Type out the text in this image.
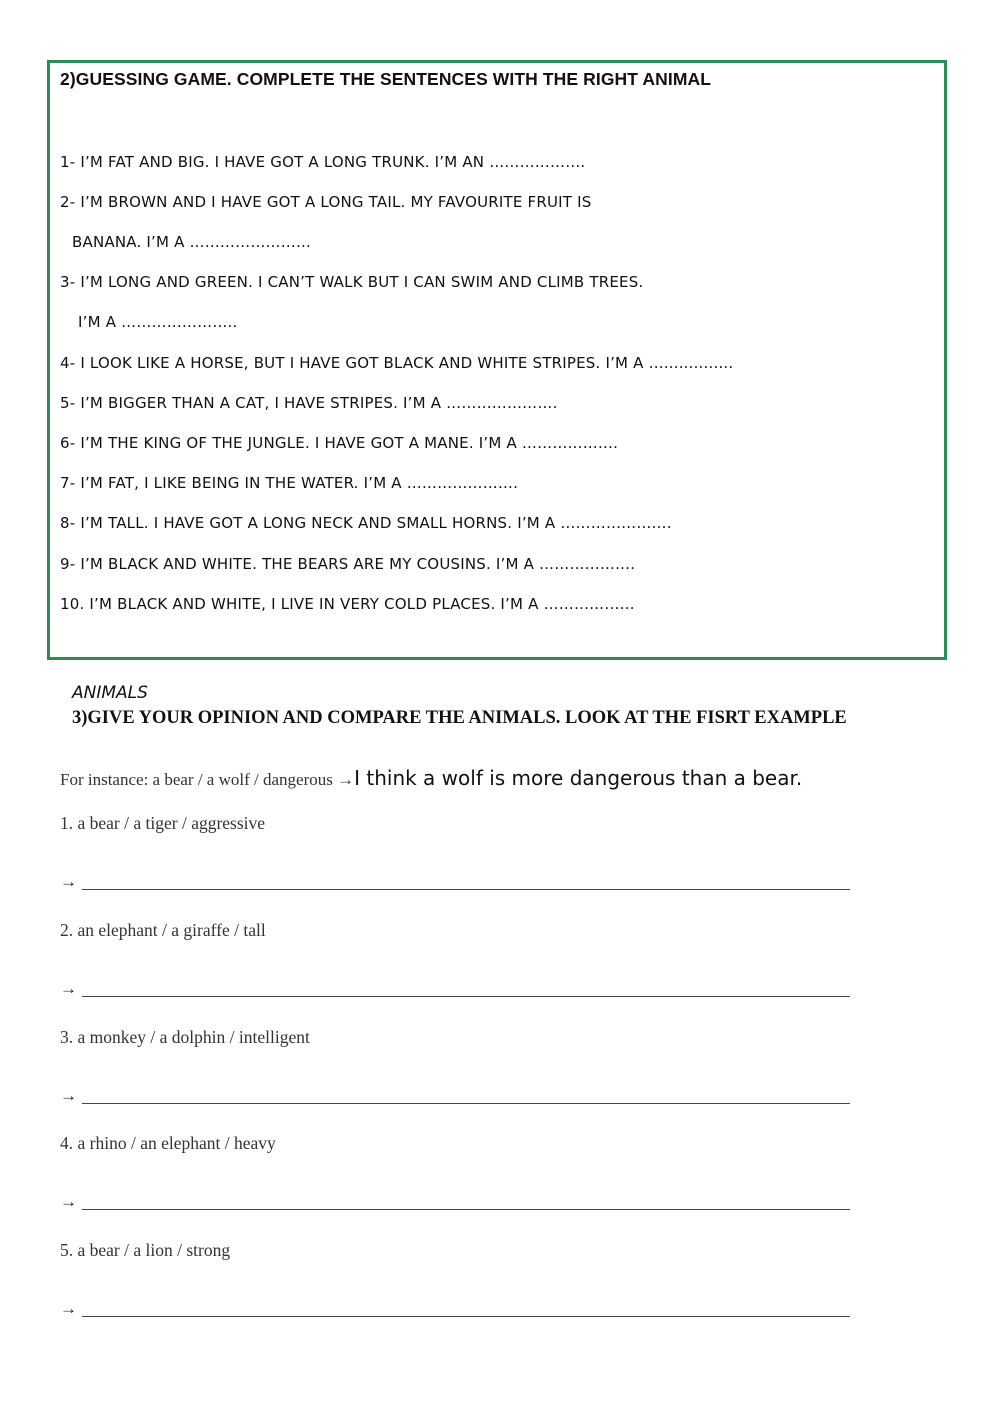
2)GUESSING GAME. COMPLETE THE SENTENCES WITH THE RIGHT ANIMAL

1- I’M FAT AND BIG. I HAVE GOT A LONG TRUNK. I’M AN ……………….

2- I’M BROWN AND I HAVE GOT A LONG TAIL. MY FAVOURITE FRUIT IS

BANANA. I’M A ……………………

3- I’M LONG AND GREEN. I CAN’T WALK BUT I CAN SWIM AND CLIMB TREES.

I’M A …………………..

4- I LOOK LIKE A HORSE, BUT I HAVE GOT BLACK AND WHITE STRIPES. I’M A …..............

5- I’M BIGGER THAN A CAT, I HAVE STRIPES. I’M A ………………….

6- I’M THE KING OF THE JUNGLE. I HAVE GOT A MANE. I’M A ……………….

7- I’M FAT, I LIKE BEING IN THE WATER. I’M A ………………….

8- I’M TALL. I HAVE GOT A LONG NECK AND SMALL HORNS. I’M A ………………….

9- I’M BLACK AND WHITE. THE BEARS ARE MY COUSINS. I’M A ……………….

10. I’M BLACK AND WHITE, I LIVE IN VERY COLD PLACES. I’M A ………………

ANIMALS

3)GIVE YOUR OPINION AND COMPARE THE ANIMALS. LOOK AT THE FISRT EXAMPLE

For instance: a bear / a wolf / dangerous →I think a wolf is more dangerous than a bear.

1. a bear / a tiger / aggressive

→

2. an elephant / a giraffe / tall

→

3. a monkey / a dolphin / intelligent

→

4. a rhino / an elephant / heavy

→

5. a bear / a lion / strong

→
